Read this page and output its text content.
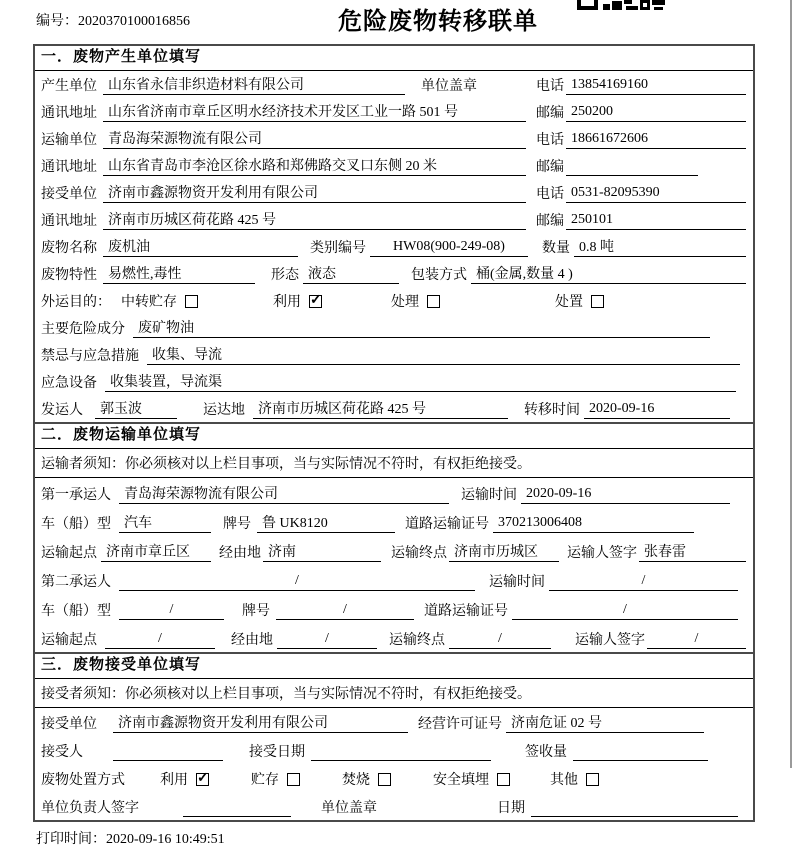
编号：2020370100016856	危险废物转移联单
一．废物产生单位填写
产生单位 山东省永信非织造材料有限公司	单位盖章	电话 13854169160
通讯地址 山东省济南市章丘区明水经济技术开发区工业一路 501 号	邮编 250200
运输单位 青岛海荣源物流有限公司	电话 18661672606
通讯地址 山东省青岛市李沧区徐水路和郑佛路交叉口东侧 20 米	邮编
接受单位 济南市鑫源物资开发利用有限公司	电话 0531-82095390
通讯地址 济南市历城区荷花路 425 号	邮编 250101
废物名称 废机油	类别编号	HW08(900-249-08)	数量 0.8 吨
废物特性 易燃性,毒性	形态 液态	包装方式 桶(金属,数量 4 )
外运目的： 中转贮存	利用 ✓	处理	处置
主要危险成分 废矿物油
禁忌与应急措施 收集、导流
应急设备 收集装置，导流渠
发运人	郭玉波	运达地 济南市历城区荷花路 425 号	转移时间 2020-09-16
二．废物运输单位填写
运输者须知：你必须核对以上栏目事项，当与实际情况不符时，有权拒绝接受。
第一承运人 青岛海荣源物流有限公司	运输时间 2020-09-16
车（船）型 汽车	牌号 鲁 UK8120	道路运输证号 370213006408
运输起点 济南市章丘区	经由地 济南	运输终点 济南市历城区	运输人签字 张春雷
第二承运人	/	运输时间	/
车（船）型	/	牌号	/	道路运输证号	/
运输起点	/	经由地	/	运输终点	/	运输人签字	/
三．废物接受单位填写
接受者须知：你必须核对以上栏目事项，当与实际情况不符时，有权拒绝接受。
接受单位	济南市鑫源物资开发利用有限公司	经营许可证号 济南危证 02 号
接受人	接受日期	签收量
废物处置方式	利用 ✓	贮存	焚烧	安全填埋	其他
单位负责人签字	单位盖章	日期
打印时间：2020-09-16 10:49:51
